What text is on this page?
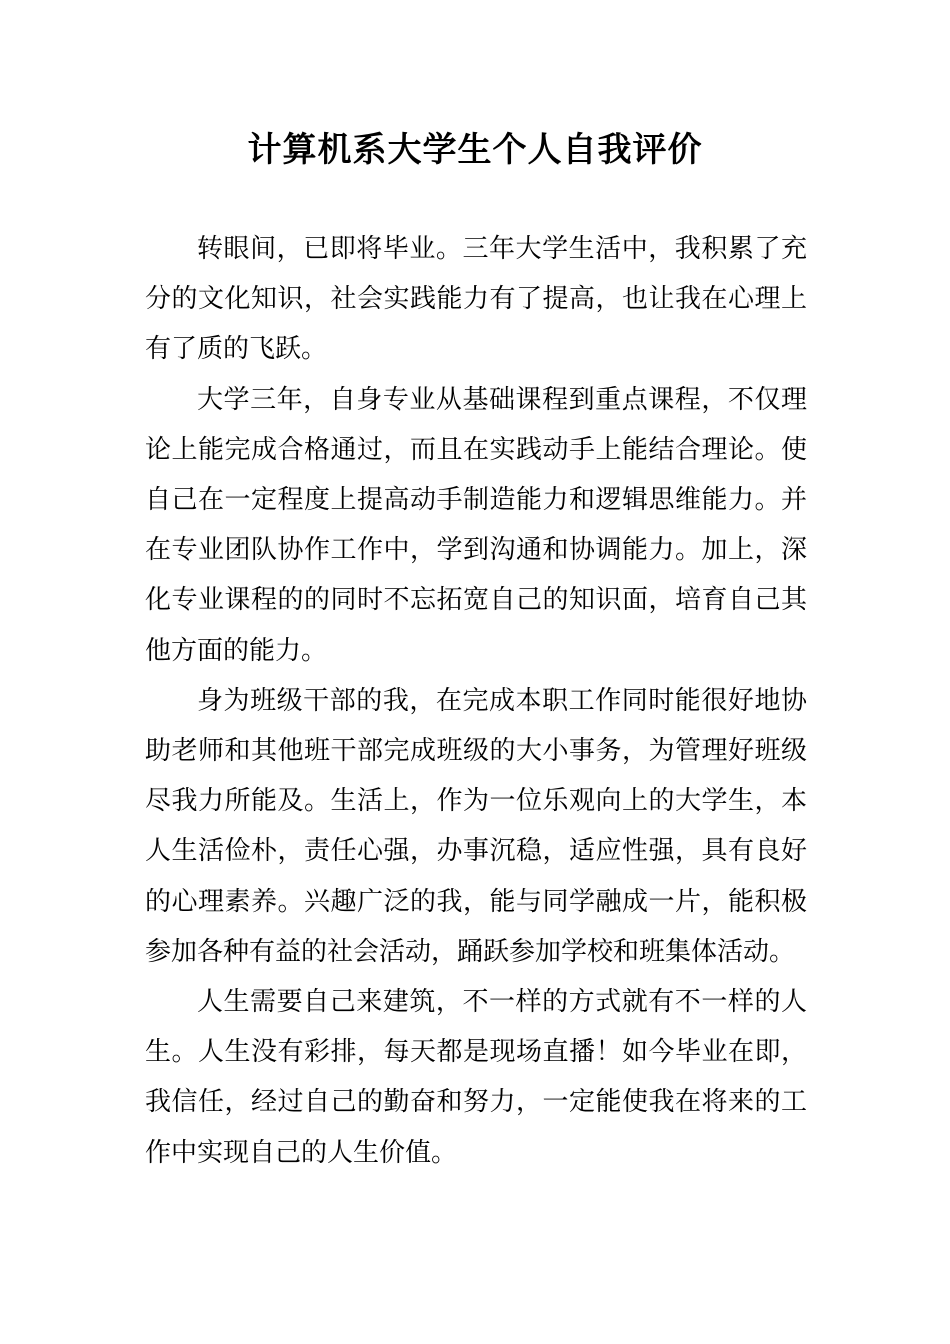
计算机系大学生个人自我评价

转眼间，已即将毕业。三年大学生活中，我积累了充分的文化知识，社会实践能力有了提高，也让我在心理上有了质的飞跃。

大学三年，自身专业从基础课程到重点课程，不仅理论上能完成合格通过，而且在实践动手上能结合理论。使自己在一定程度上提高动手制造能力和逻辑思维能力。并在专业团队协作工作中，学到沟通和协调能力。加上，深化专业课程的的同时不忘拓宽自己的知识面，培育自己其他方面的能力。

身为班级干部的我，在完成本职工作同时能很好地协助老师和其他班干部完成班级的大小事务，为管理好班级尽我力所能及。生活上，作为一位乐观向上的大学生，本人生活俭朴，责任心强，办事沉稳，适应性强，具有良好的心理素养。兴趣广泛的我，能与同学融成一片，能积极参加各种有益的社会活动，踊跃参加学校和班集体活动。

人生需要自己来建筑，不一样的方式就有不一样的人生。人生没有彩排，每天都是现场直播！如今毕业在即，我信任，经过自己的勤奋和努力，一定能使我在将来的工作中实现自己的人生价值。
